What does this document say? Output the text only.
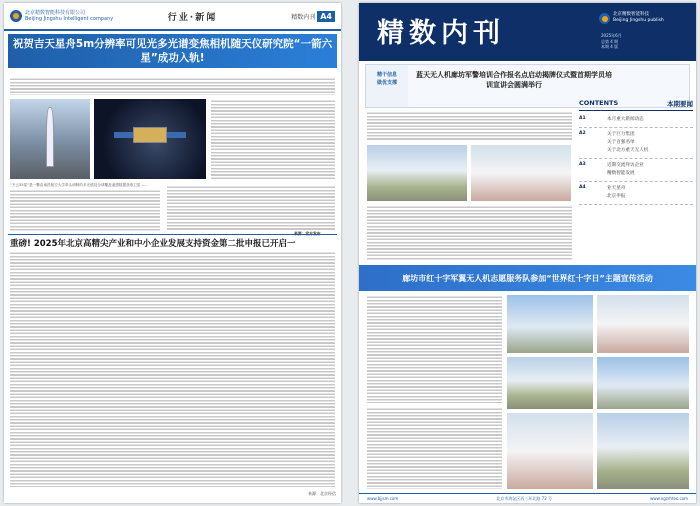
北京精数智能科技有限公司
Beijing Jingshu Intelligent company	行业·新闻	精数内刊 A4
祝贺吉天星舟5m分辨率可见光多光谱变焦相机随天仪研究院“一箭六星”成功入轨!
“天云35星”是一颗由南昌航空大学牵头研制的多光谱及全球覆盖遥感数据获取卫星……
重磅! 2025年北京高精尖产业和中小企业发展支持资金第二批申报已开启一
来源：北京经信
精数内刊
北京精数智能科技
Beijing Jingshu publish
2025年6月
总第 4 期
本期 4 版
精干信息
做优支撑
蓝天无人机廊坊军警培训合作报名点启动揭牌仪式暨首期学员培训宣讲会圆满举行
CONTENTS	本期要闻
A1	本月重大新闻动态
A2	关于巨力集团
关于百强名单
关于北方重天无人机
A3	近期交流拜访企业
精数智能发展
A4	业天星舟
北京申报
廊坊市红十字军翼无人机志愿服务队参加“世界红十字日”主题宣传活动
www.bjjsm.com	北京市海淀区西三环北路 72 号	www.xgzrhtec.com
